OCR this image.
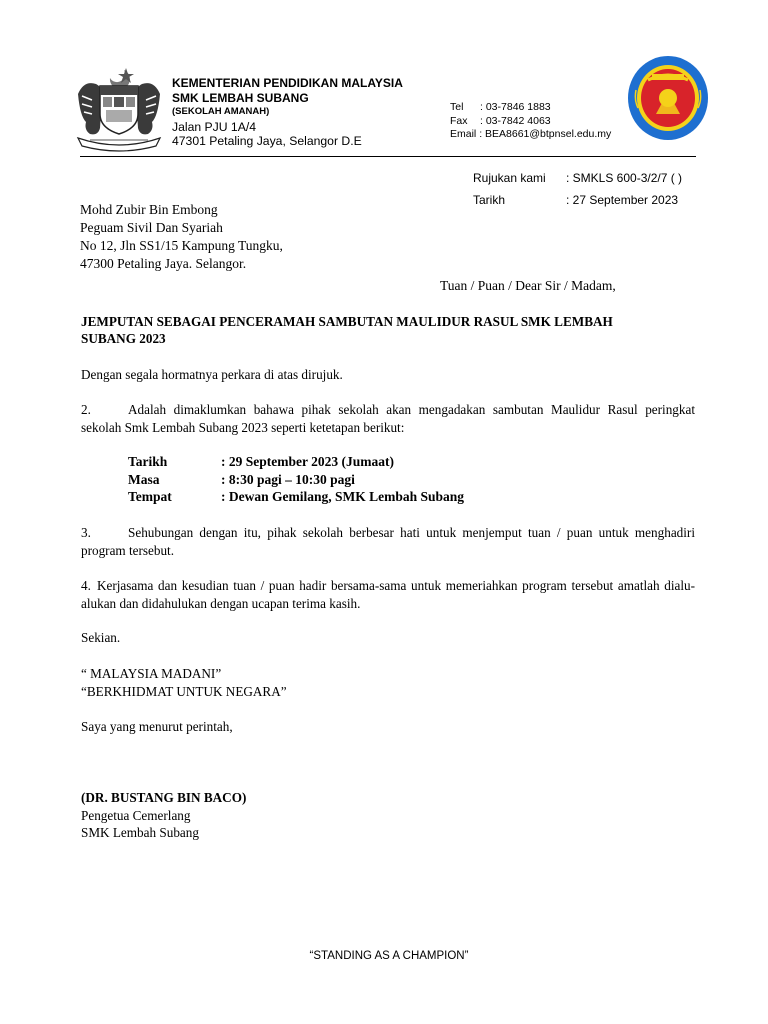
KEMENTERIAN PENDIDIKAN MALAYSIA
SMK LEMBAH SUBANG
(SEKOLAH AMANAH)
Jalan PJU 1A/4
47301 Petaling Jaya, Selangor D.E
Tel : 03-7846 1883
Fax : 03-7842 4063
Email : BEA8661@btpnsel.edu.my
Rujukan kami : SMKLS 600-3/2/7 ( )
Tarikh	: 27 September 2023
Mohd Zubir Bin Embong
Peguam Sivil Dan Syariah
No 12, Jln SS1/15 Kampung Tungku,
47300 Petaling Jaya. Selangor.
Tuan / Puan / Dear Sir / Madam,
JEMPUTAN SEBAGAI PENCERAMAH SAMBUTAN MAULIDUR RASUL SMK LEMBAH
SUBANG 2023
Dengan segala hormatnya perkara di atas dirujuk.
2.	Adalah dimaklumkan bahawa pihak sekolah akan mengadakan sambutan Maulidur Rasul peringkat sekolah Smk Lembah Subang 2023 seperti ketetapan berikut:
Tarikh	: 29 September 2023 (Jumaat)
Masa	: 8:30 pagi – 10:30 pagi
Tempat	: Dewan Gemilang, SMK Lembah Subang
3.	Sehubungan dengan itu, pihak sekolah berbesar hati untuk menjemput tuan / puan untuk menghadiri program tersebut.
4. Kerjasama dan kesudian tuan / puan hadir bersama-sama untuk memeriahkan program tersebut amatlah dialu-alukan dan didahulukan dengan ucapan terima kasih.
Sekian.
“ MALAYSIA MADANI”
“BERKHIDMAT UNTUK NEGARA”
Saya yang menurut perintah,
(DR. BUSTANG BIN BACO)
Pengetua Cemerlang
SMK Lembah Subang
“STANDING AS A CHAMPION”
